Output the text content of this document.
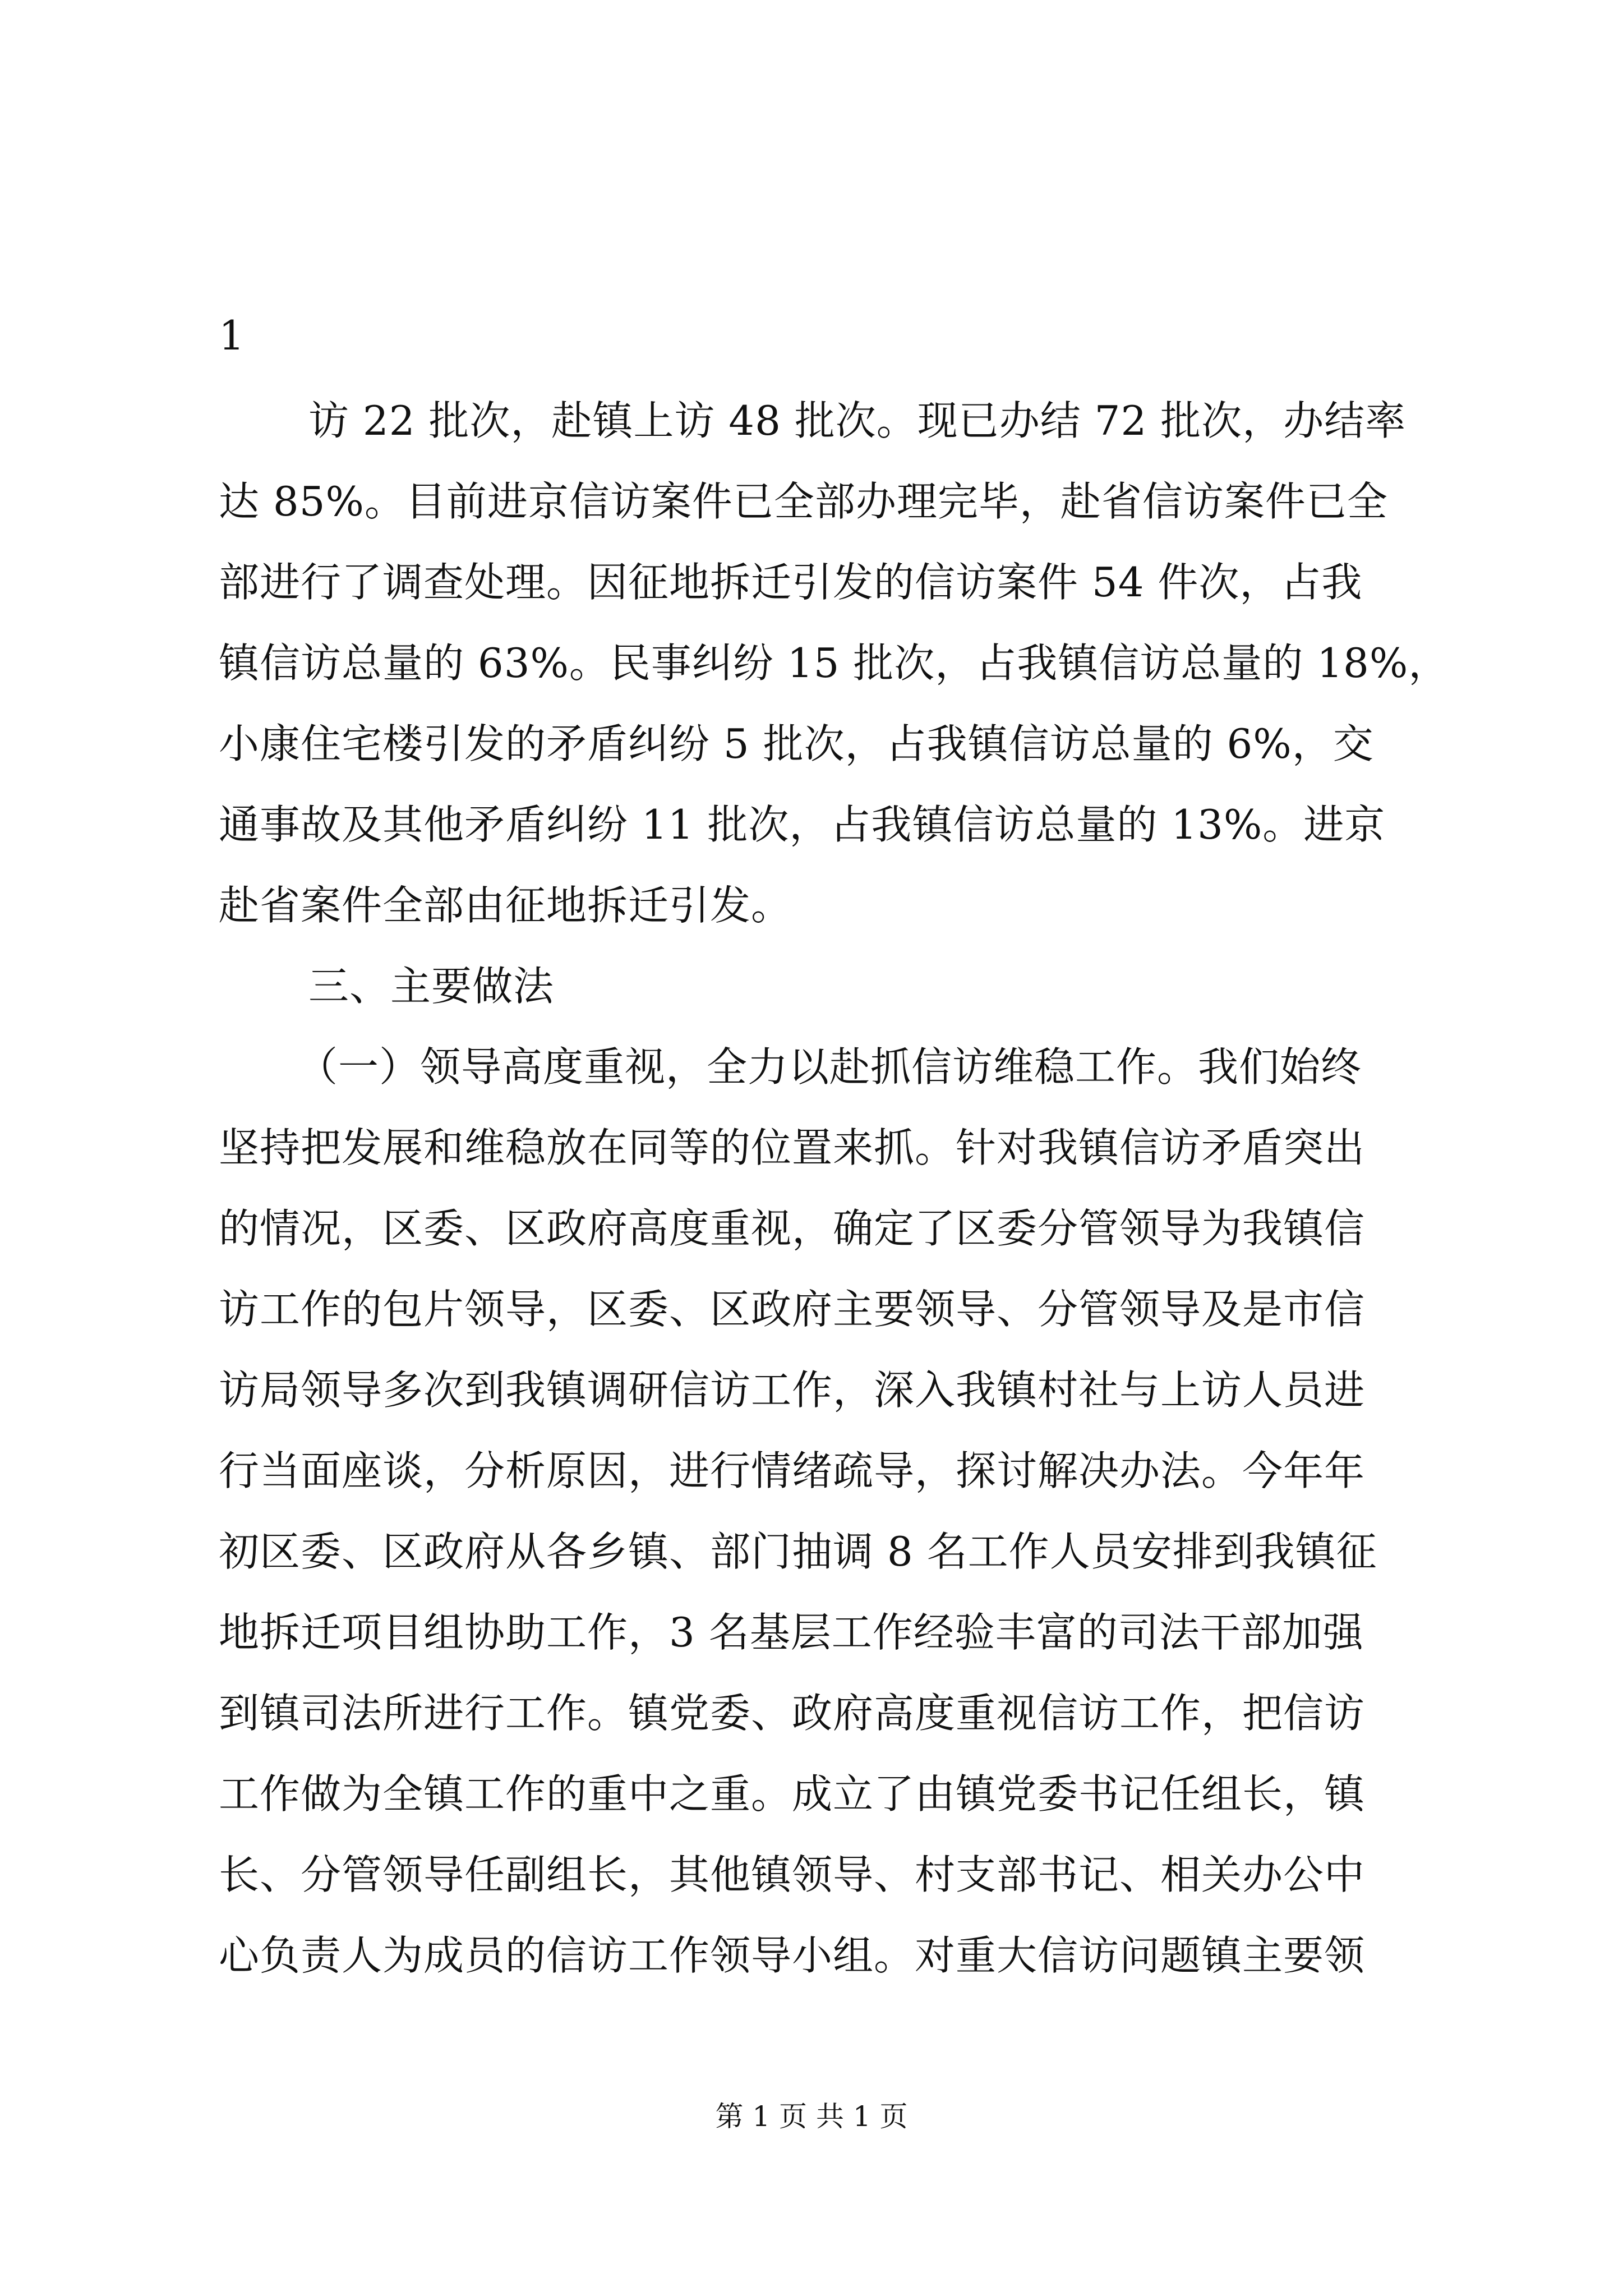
1

访 22 批次，赴镇上访 48 批次。现已办结 72 批次，办结率

达 85%。目前进京信访案件已全部办理完毕，赴省信访案件已全

部进行了调查处理。因征地拆迁引发的信访案件 54 件次，占我

镇信访总量的 63%。民事纠纷 15 批次，占我镇信访总量的 18%，

小康住宅楼引发的矛盾纠纷 5 批次，占我镇信访总量的 6%，交

通事故及其他矛盾纠纷 11 批次，占我镇信访总量的 13%。进京

赴省案件全部由征地拆迁引发。

三、主要做法

（一）领导高度重视，全力以赴抓信访维稳工作。我们始终

坚持把发展和维稳放在同等的位置来抓。针对我镇信访矛盾突出

的情况，区委、区政府高度重视，确定了区委分管领导为我镇信

访工作的包片领导，区委、区政府主要领导、分管领导及是市信

访局领导多次到我镇调研信访工作，深入我镇村社与上访人员进

行当面座谈，分析原因，进行情绪疏导，探讨解决办法。今年年

初区委、区政府从各乡镇、部门抽调 8 名工作人员安排到我镇征

地拆迁项目组协助工作，3 名基层工作经验丰富的司法干部加强

到镇司法所进行工作。镇党委、政府高度重视信访工作，把信访

工作做为全镇工作的重中之重。成立了由镇党委书记任组长，镇

长、分管领导任副组长，其他镇领导、村支部书记、相关办公中

心负责人为成员的信访工作领导小组。对重大信访问题镇主要领

第 1 页 共 1 页
